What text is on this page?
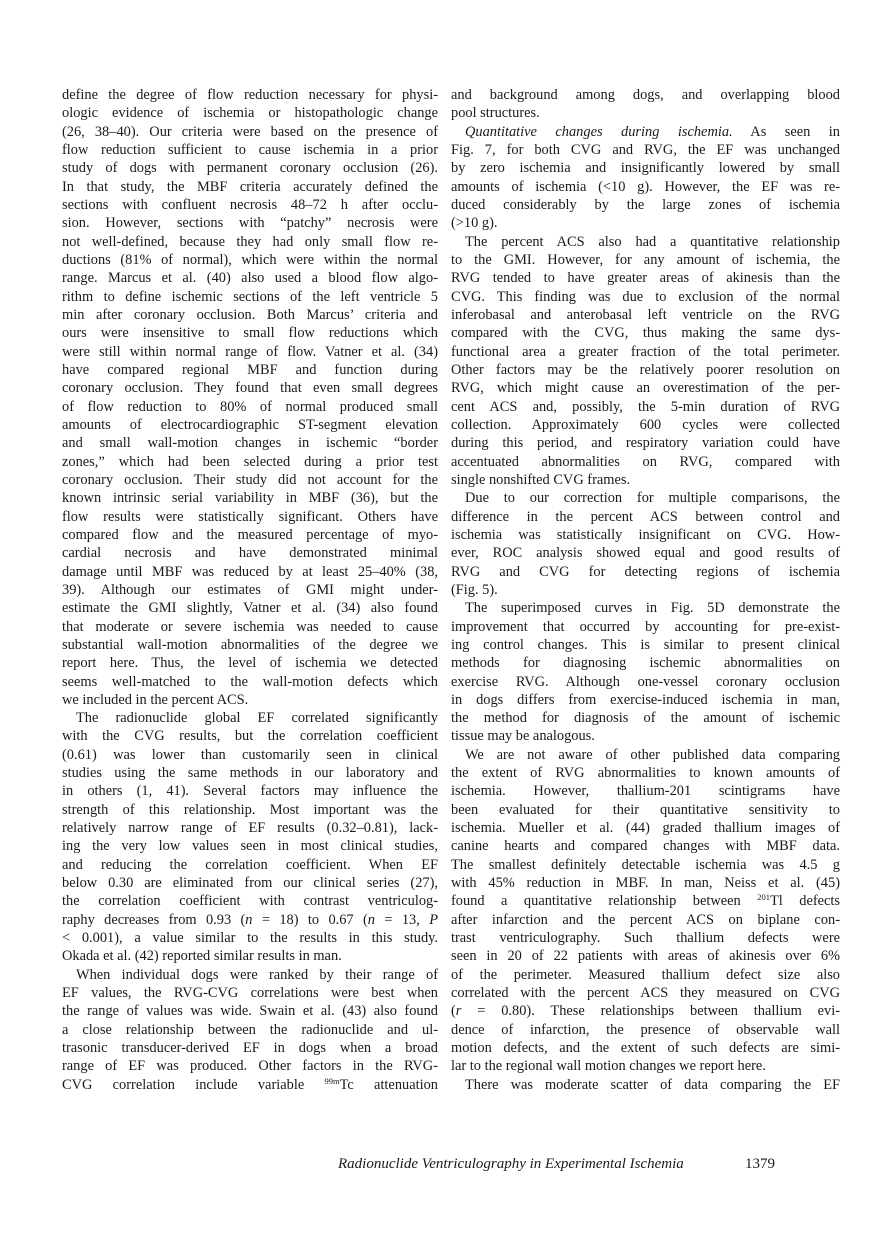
define the degree of flow reduction necessary for physi-
ologic evidence of ischemia or histopathologic change
(26, 38–40). Our criteria were based on the presence of
flow reduction sufficient to cause ischemia in a prior
study of dogs with permanent coronary occlusion (26).
In that study, the MBF criteria accurately defined the
sections with confluent necrosis 48–72 h after occlu-
sion. However, sections with “patchy” necrosis were
not well-defined, because they had only small flow re-
ductions (81% of normal), which were within the normal
range. Marcus et al. (40) also used a blood flow algo-
rithm to define ischemic sections of the left ventricle 5
min after coronary occlusion. Both Marcus’ criteria and
ours were insensitive to small flow reductions which
were still within normal range of flow. Vatner et al. (34)
have compared regional MBF and function during
coronary occlusion. They found that even small degrees
of flow reduction to 80% of normal produced small
amounts of electrocardiographic ST-segment elevation
and small wall-motion changes in ischemic “border
zones,” which had been selected during a prior test
coronary occlusion. Their study did not account for the
known intrinsic serial variability in MBF (36), but the
flow results were statistically significant. Others have
compared flow and the measured percentage of myo-
cardial necrosis and have demonstrated minimal
damage until MBF was reduced by at least 25–40% (38,
39). Although our estimates of GMI might under-
estimate the GMI slightly, Vatner et al. (34) also found
that moderate or severe ischemia was needed to cause
substantial wall-motion abnormalities of the degree we
report here. Thus, the level of ischemia we detected
seems well-matched to the wall-motion defects which
we included in the percent ACS.
The radionuclide global EF correlated significantly
with the CVG results, but the correlation coefficient
(0.61) was lower than customarily seen in clinical
studies using the same methods in our laboratory and
in others (1, 41). Several factors may influence the
strength of this relationship. Most important was the
relatively narrow range of EF results (0.32–0.81), lack-
ing the very low values seen in most clinical studies,
and reducing the correlation coefficient. When EF
below 0.30 are eliminated from our clinical series (27),
the correlation coefficient with contrast ventriculog-
raphy decreases from 0.93 (n = 18) to 0.67 (n = 13, P
< 0.001), a value similar to the results in this study.
Okada et al. (42) reported similar results in man.
When individual dogs were ranked by their range of
EF values, the RVG-CVG correlations were best when
the range of values was wide. Swain et al. (43) also found
a close relationship between the radionuclide and ul-
trasonic transducer-derived EF in dogs when a broad
range of EF was produced. Other factors in the RVG-
CVG correlation include variable $^{99m}$Tc attenuation
and background among dogs, and overlapping blood
pool structures.
Quantitative changes during ischemia. As seen in
Fig. 7, for both CVG and RVG, the EF was unchanged
by zero ischemia and insignificantly lowered by small
amounts of ischemia (<10 g). However, the EF was re-
duced considerably by the large zones of ischemia
(>10 g).
The percent ACS also had a quantitative relationship
to the GMI. However, for any amount of ischemia, the
RVG tended to have greater areas of akinesis than the
CVG. This finding was due to exclusion of the normal
inferobasal and anterobasal left ventricle on the RVG
compared with the CVG, thus making the same dys-
functional area a greater fraction of the total perimeter.
Other factors may be the relatively poorer resolution on
RVG, which might cause an overestimation of the per-
cent ACS and, possibly, the 5-min duration of RVG
collection. Approximately 600 cycles were collected
during this period, and respiratory variation could have
accentuated abnormalities on RVG, compared with
single nonshifted CVG frames.
Due to our correction for multiple comparisons, the
difference in the percent ACS between control and
ischemia was statistically insignificant on CVG. How-
ever, ROC analysis showed equal and good results of
RVG and CVG for detecting regions of ischemia
(Fig. 5).
The superimposed curves in Fig. 5D demonstrate the
improvement that occurred by accounting for pre-exist-
ing control changes. This is similar to present clinical
methods for diagnosing ischemic abnormalities on
exercise RVG. Although one-vessel coronary occlusion
in dogs differs from exercise-induced ischemia in man,
the method for diagnosis of the amount of ischemic
tissue may be analogous.
We are not aware of other published data comparing
the extent of RVG abnormalities to known amounts of
ischemia. However, thallium-201 scintigrams have
been evaluated for their quantitative sensitivity to
ischemia. Mueller et al. (44) graded thallium images of
canine hearts and compared changes with MBF data.
The smallest definitely detectable ischemia was 4.5 g
with 45% reduction in MBF. In man, Neiss et al. (45)
found a quantitative relationship between $^{201}$Tl defects
after infarction and the percent ACS on biplane con-
trast ventriculography. Such thallium defects were
seen in 20 of 22 patients with areas of akinesis over 6%
of the perimeter. Measured thallium defect size also
correlated with the percent ACS they measured on CVG
(r = 0.80). These relationships between thallium evi-
dence of infarction, the presence of observable wall
motion defects, and the extent of such defects are simi-
lar to the regional wall motion changes we report here.
There was moderate scatter of data comparing the EF
Radionuclide Ventriculography in Experimental Ischemia	1379
